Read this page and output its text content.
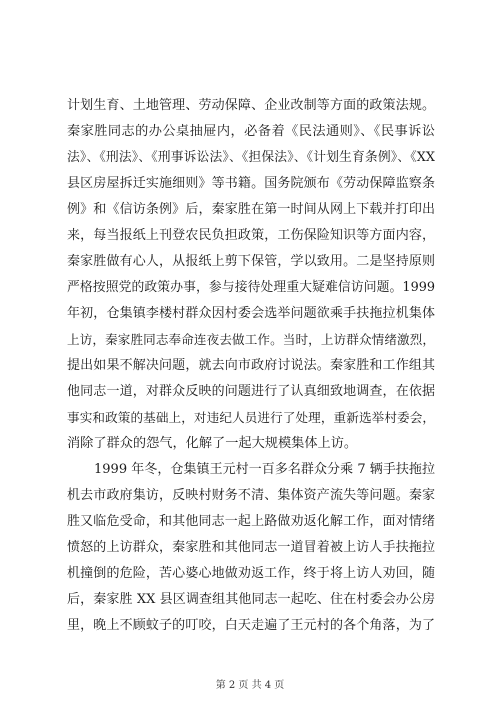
计划生育、土地管理、劳动保障、企业改制等方面的政策法规。
秦家胜同志的办公桌抽屉内，必备着《民法通则》、《民事诉讼
法》、《刑法》、《刑事诉讼法》、《担保法》、《计划生育条例》、《XX
县区房屋拆迁实施细则》等书籍。国务院颁布《劳动保障监察条
例》和《信访条例》后，秦家胜在第一时间从网上下载并打印出
来，每当报纸上刊登农民负担政策，工伤保险知识等方面内容，
秦家胜做有心人，从报纸上剪下保管，学以致用。二是坚持原则
严格按照党的政策办事，参与接待处理重大疑难信访问题。1999
年初，仓集镇李楼村群众因村委会选举问题欲乘手扶拖拉机集体
上访，秦家胜同志奉命连夜去做工作。当时，上访群众情绪激烈，
提出如果不解决问题，就去向市政府讨说法。秦家胜和工作组其
他同志一道，对群众反映的问题进行了认真细致地调查，在依据
事实和政策的基础上，对违纪人员进行了处理，重新选举村委会，
消除了群众的怨气，化解了一起大规模集体上访。
1999 年冬，仓集镇王元村一百多名群众分乘 7 辆手扶拖拉
机去市政府集访，反映村财务不清、集体资产流失等问题。秦家
胜又临危受命，和其他同志一起上路做劝返化解工作，面对情绪
愤怒的上访群众，秦家胜和其他同志一道冒着被上访人手扶拖拉
机撞倒的危险，苦心婆心地做劝返工作，终于将上访人劝回，随
后，秦家胜 XX 县区调查组其他同志一起吃、住在村委会办公房
里，晚上不顾蚊子的叮咬，白天走遍了王元村的各个角落，为了
第 2 页 共 4 页
